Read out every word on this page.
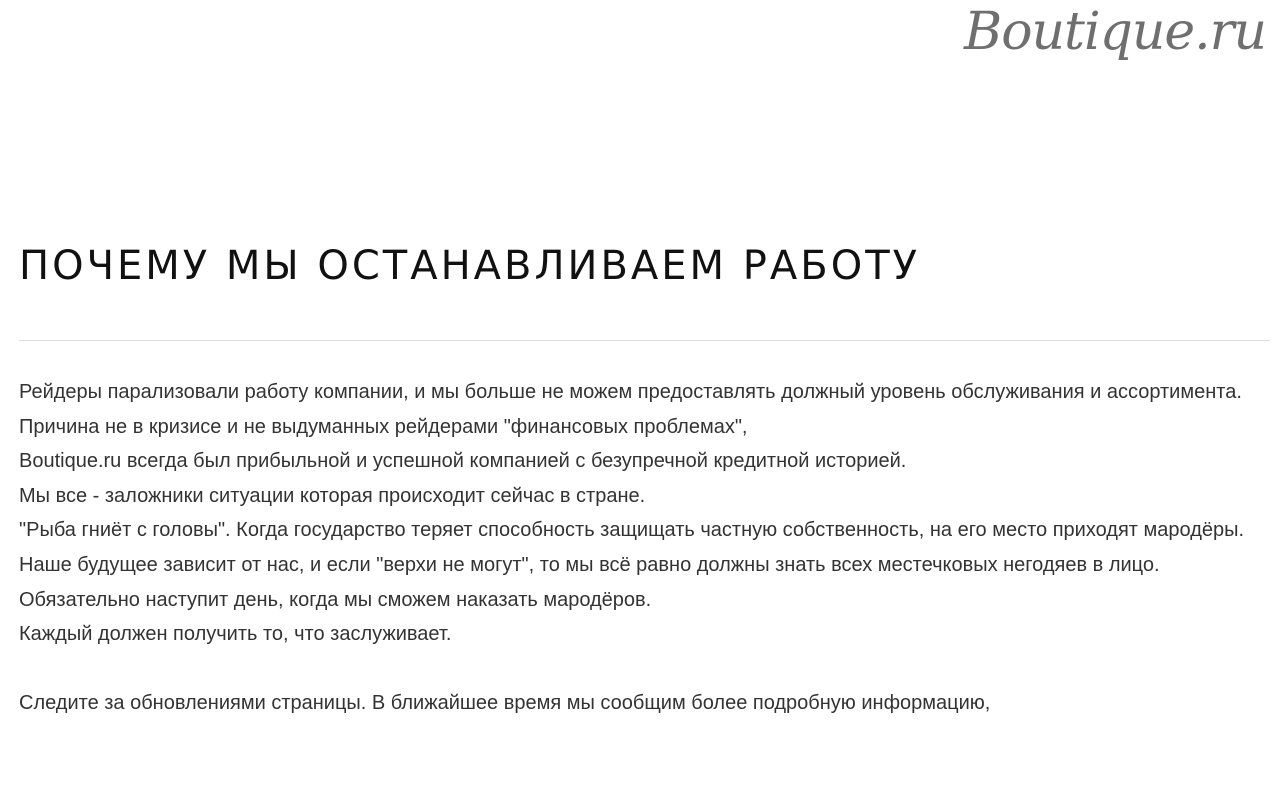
Boutique.ru
ПОЧЕМУ МЫ ОСТАНАВЛИВАЕМ РАБОТУ

Рейдеры парализовали работу компании, и мы больше не можем предоставлять должный уровень обслуживания и ассортимента.

Причина не в кризисе и не выдуманных рейдерами "финансовых проблемах",

Boutique.ru всегда был прибыльной и успешной компанией с безупречной кредитной историей.

Мы все - заложники ситуации которая происходит сейчас в стране.

"Рыба гниёт с головы". Когда государство теряет способность защищать частную собственность, на его место приходят мародёры.

Наше будущее зависит от нас, и если "верхи не могут", то мы всё равно должны знать всех местечковых негодяев в лицо.

Обязательно наступит день, когда мы сможем наказать мародёров.

Каждый должен получить то, что заслуживает.

Следите за обновлениями страницы. В ближайшее время мы сообщим более подробную информацию,
